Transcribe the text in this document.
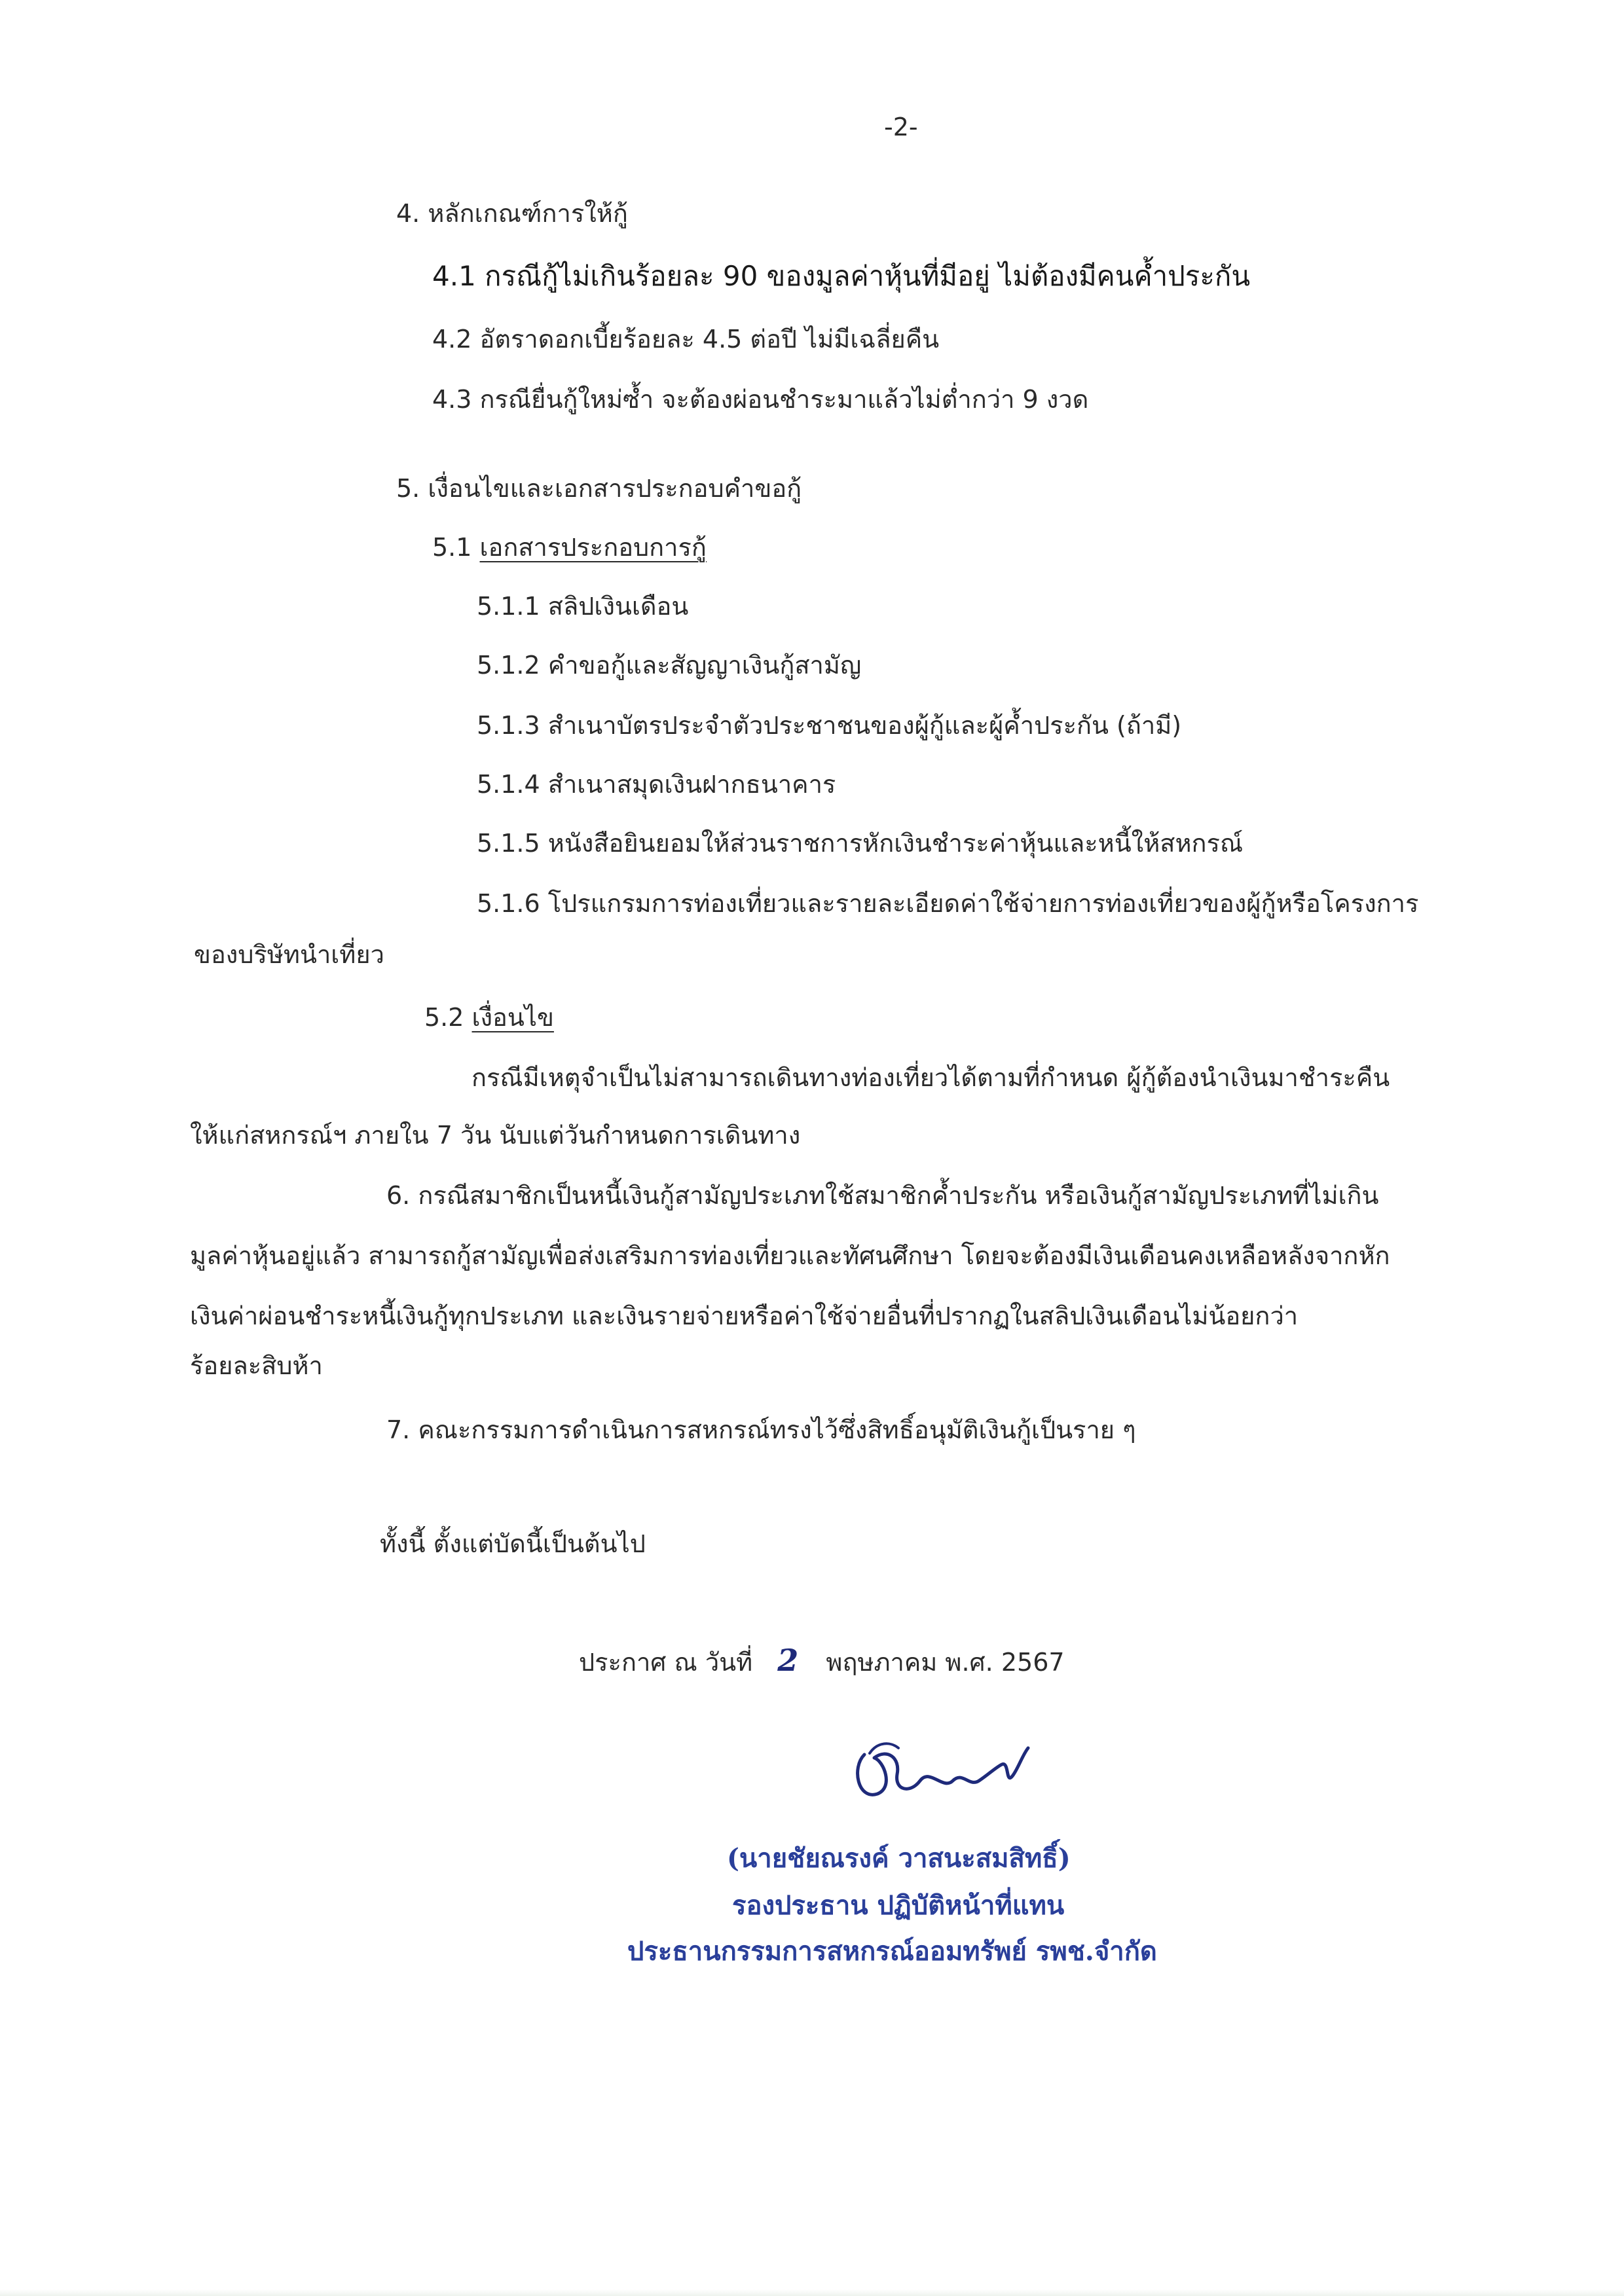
-2-
4. หลักเกณฑ์การให้กู้
4.1 กรณีกู้ไม่เกินร้อยละ 90 ของมูลค่าหุ้นที่มีอยู่ ไม่ต้องมีคนค้ำประกัน
4.2 อัตราดอกเบี้ยร้อยละ 4.5 ต่อปี ไม่มีเฉลี่ยคืน
4.3 กรณียื่นกู้ใหม่ซ้ำ จะต้องผ่อนชำระมาแล้วไม่ต่ำกว่า 9 งวด
5. เงื่อนไขและเอกสารประกอบคำขอกู้
5.1 เอกสารประกอบการกู้
5.1.1 สลิปเงินเดือน
5.1.2 คำขอกู้และสัญญาเงินกู้สามัญ
5.1.3 สำเนาบัตรประจำตัวประชาชนของผู้กู้และผู้ค้ำประกัน (ถ้ามี)
5.1.4 สำเนาสมุดเงินฝากธนาคาร
5.1.5 หนังสือยินยอมให้ส่วนราชการหักเงินชำระค่าหุ้นและหนี้ให้สหกรณ์
5.1.6 โปรแกรมการท่องเที่ยวและรายละเอียดค่าใช้จ่ายการท่องเที่ยวของผู้กู้หรือโครงการ
ของบริษัทนำเที่ยว
5.2 เงื่อนไข
กรณีมีเหตุจำเป็นไม่สามารถเดินทางท่องเที่ยวได้ตามที่กำหนด ผู้กู้ต้องนำเงินมาชำระคืน
ให้แก่สหกรณ์ฯ ภายใน 7 วัน นับแต่วันกำหนดการเดินทาง
6. กรณีสมาชิกเป็นหนี้เงินกู้สามัญประเภทใช้สมาชิกค้ำประกัน หรือเงินกู้สามัญประเภทที่ไม่เกิน
มูลค่าหุ้นอยู่แล้ว สามารถกู้สามัญเพื่อส่งเสริมการท่องเที่ยวและทัศนศึกษา โดยจะต้องมีเงินเดือนคงเหลือหลังจากหัก
เงินค่าผ่อนชำระหนี้เงินกู้ทุกประเภท และเงินรายจ่ายหรือค่าใช้จ่ายอื่นที่ปรากฏในสลิปเงินเดือนไม่น้อยกว่า
ร้อยละสิบห้า
7. คณะกรรมการดำเนินการสหกรณ์ทรงไว้ซึ่งสิทธิ์อนุมัติเงินกู้เป็นราย ๆ
ทั้งนี้ ตั้งแต่บัดนี้เป็นต้นไป
ประกาศ ณ วันที่ 2 พฤษภาคม พ.ศ. 2567
(นายชัยณรงค์ วาสนะสมสิทธิ์)
รองประธาน ปฏิบัติหน้าที่แทน
ประธานกรรมการสหกรณ์ออมทรัพย์ รพช.จำกัด
